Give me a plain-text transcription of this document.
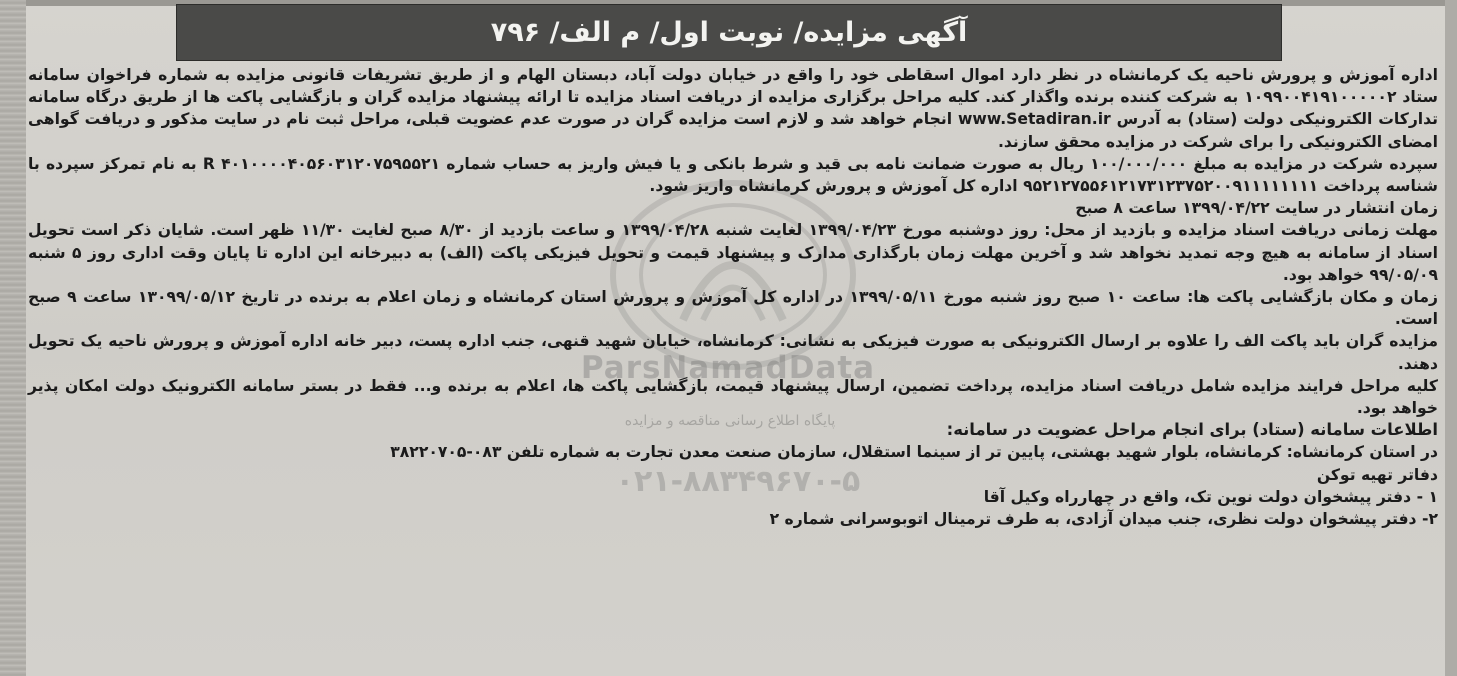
آگهی مزایده/ نوبت اول/ م الف/ ۷۹۶
ParsNamadData
پایگاه اطلاع رسانی مناقصه و مزایده
۰۲۱-۸۸۳۴۹۶۷۰-۵

اداره آموزش و پرورش ناحیه یک کرمانشاه در نظر دارد اموال اسقاطی خود را واقع در خیابان دولت آباد، دبستان الهام و از طریق تشریفات قانونی مزایده به شماره فراخوان سامانه ستاد ۱۰۹۹۰۰۴۱۹۱۰۰۰۰۰۲ به شرکت کننده برنده واگذار کند. کلیه مراحل برگزاری مزایده از دریافت اسناد مزایده تا ارائه پیشنهاد مزایده گران و بازگشایی پاکت ها از طریق درگاه سامانه تدارکات الکترونیکی دولت (ستاد) به آدرس www.Setadiran.ir انجام خواهد شد و لازم است مزایده گران در صورت عدم عضویت قبلی، مراحل ثبت نام در سایت مذکور و دریافت گواهی امضای الکترونیکی را برای شرکت در مزایده محقق سازند.

سپرده شرکت در مزایده به مبلغ ۱۰۰/۰۰۰/۰۰۰ ریال به صورت ضمانت نامه بی قید و شرط بانکی و یا فیش واریز به حساب شماره R ۴۰۱۰۰۰۰۴۰۵۶۰۳۱۲۰۷۵۹۵۵۲۱ به نام تمرکز سپرده با شناسه پرداخت ۹۵۲۱۲۷۵۵۶۱۲۱۷۳۱۲۳۷۵۲۰۰۹۱۱۱۱۱۱۱۱ اداره کل آموزش و پرورش کرمانشاه واریز شود.

زمان انتشار در سایت ۱۳۹۹/۰۴/۲۲ ساعت ۸ صبح

مهلت زمانی دریافت اسناد مزایده و بازدید از محل: روز دوشنبه مورخ ۱۳۹۹/۰۴/۲۳ لغایت شنبه ۱۳۹۹/۰۴/۲۸ و ساعت بازدید از ۸/۳۰ صبح لغایت ۱۱/۳۰ ظهر است. شایان ذکر است تحویل اسناد از سامانه به هیچ وجه تمدید نخواهد شد و آخرین مهلت زمان بارگذاری مدارک و پیشنهاد قیمت و تحویل فیزیکی پاکت (الف) به دبیرخانه این اداره تا پایان وقت اداری روز ۵ شنبه ۹۹/۰۵/۰۹ خواهد بود.

زمان و مکان بازگشایی پاکت ها: ساعت ۱۰ صبح روز شنبه مورخ ۱۳۹۹/۰۵/۱۱ در اداره کل آموزش و پرورش استان کرمانشاه و زمان اعلام به برنده در تاریخ ۱۳۰۹۹/۰۵/۱۲ ساعت ۹ صبح است.

مزایده گران باید پاکت الف را علاوه بر ارسال الکترونیکی به صورت فیزیکی به نشانی: کرمانشاه، خیابان شهید قنهی، جنب اداره پست، دبیر خانه اداره آموزش و پرورش ناحیه یک تحویل دهند.

کلیه مراحل فرایند مزایده شامل دریافت اسناد مزایده، پرداخت تضمین، ارسال پیشنهاد قیمت، بازگشایی پاکت ها، اعلام به برنده و... فقط در بستر سامانه الکترونیک دولت امکان پذیر خواهد بود.

اطلاعات سامانه (ستاد) برای انجام مراحل عضویت در سامانه:

در استان کرمانشاه: کرمانشاه، بلوار شهید بهشتی، پایین تر از سینما استقلال، سازمان صنعت معدن تجارت به شماره تلفن ۰۸۳-۳۸۲۲۰۷۰۵

دفاتر تهیه توکن

۱ - دفتر پیشخوان دولت نوین تک، واقع در چهارراه وکیل آقا

۲- دفتر پیشخوان دولت نظری، جنب میدان آزادی، به طرف ترمینال اتوبوسرانی شماره ۲
